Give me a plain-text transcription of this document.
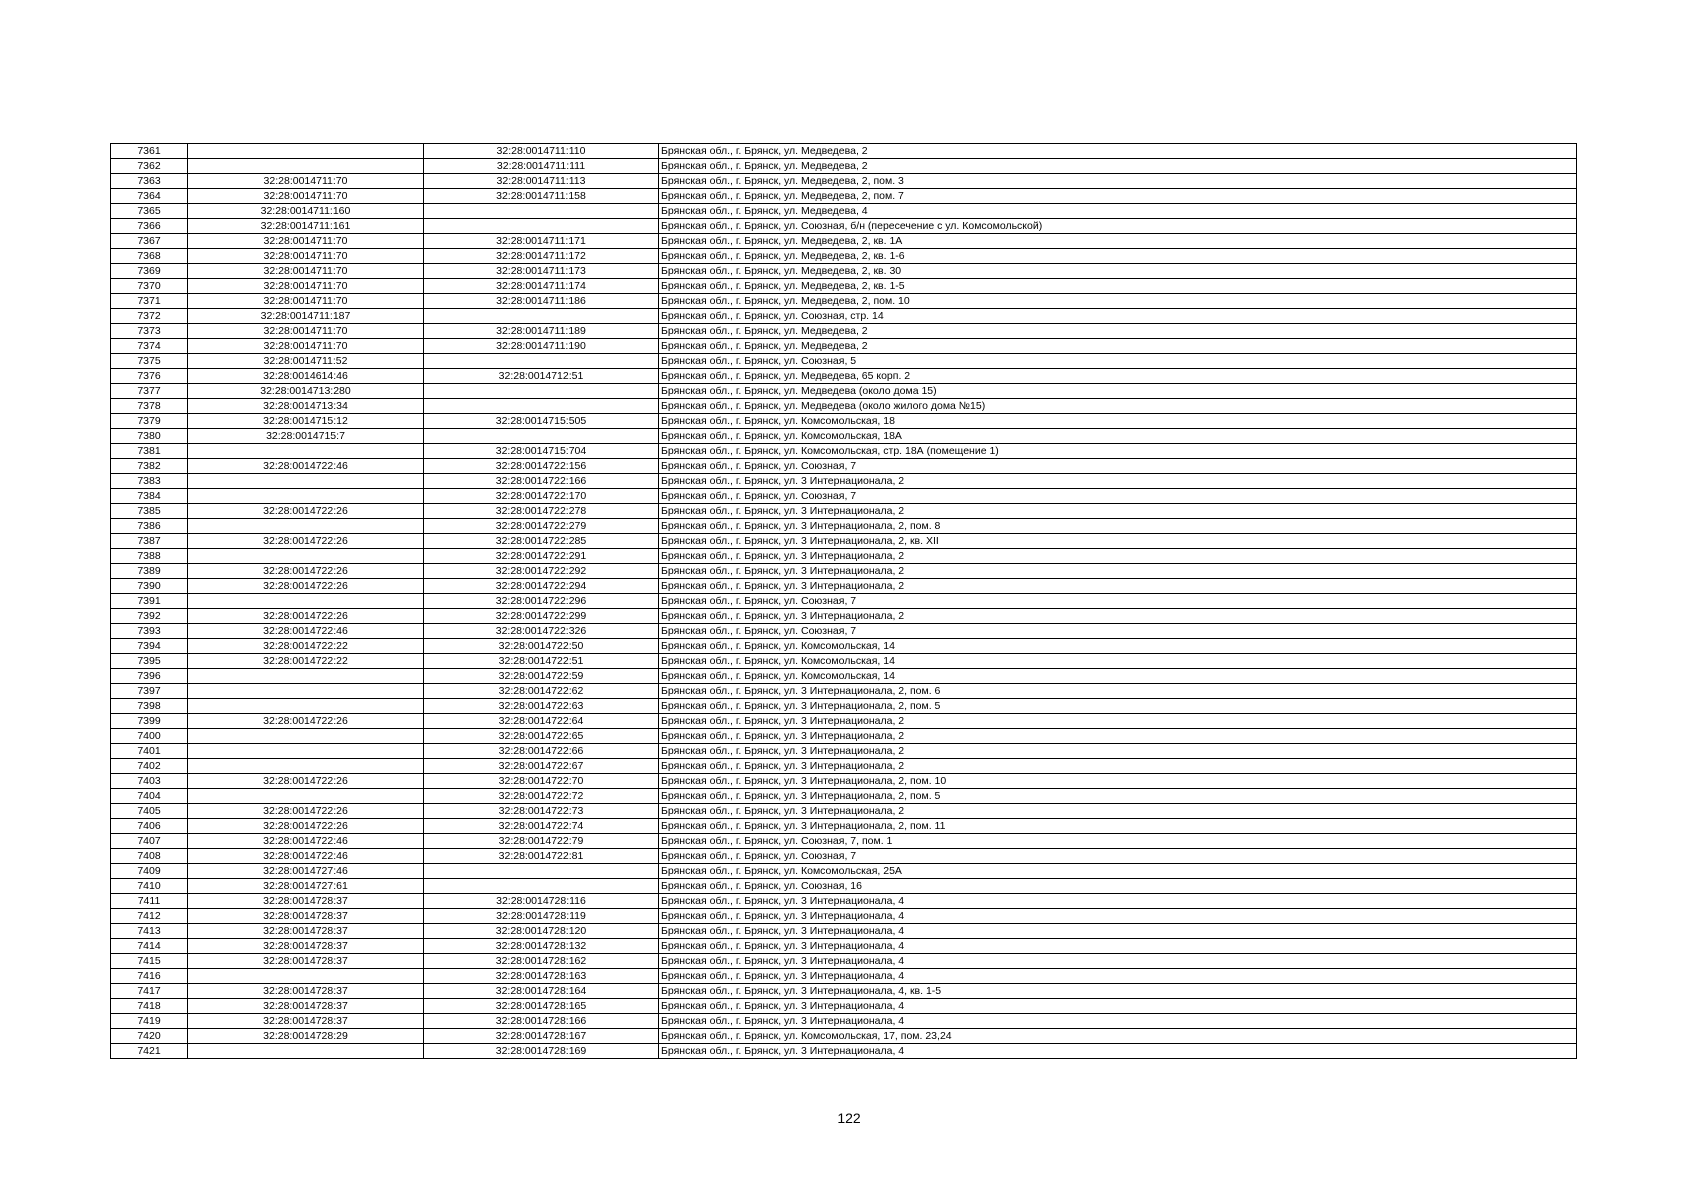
7361		32:28:0014711:110	Брянская обл., г. Брянск, ул. Медведева, 2
7362		32:28:0014711:111	Брянская обл., г. Брянск, ул. Медведева, 2
7363	32:28:0014711:70	32:28:0014711:113	Брянская обл., г. Брянск, ул. Медведева, 2, пом. 3
7364	32:28:0014711:70	32:28:0014711:158	Брянская обл., г. Брянск, ул. Медведева, 2, пом. 7
7365	32:28:0014711:160		Брянская обл., г. Брянск, ул. Медведева, 4
7366	32:28:0014711:161		Брянская обл., г. Брянск, ул. Союзная, б/н (пересечение с ул. Комсомольской)
7367	32:28:0014711:70	32:28:0014711:171	Брянская обл., г. Брянск, ул. Медведева, 2, кв. 1А
7368	32:28:0014711:70	32:28:0014711:172	Брянская обл., г. Брянск, ул. Медведева, 2, кв. 1-6
7369	32:28:0014711:70	32:28:0014711:173	Брянская обл., г. Брянск, ул. Медведева, 2, кв. 30
7370	32:28:0014711:70	32:28:0014711:174	Брянская обл., г. Брянск, ул. Медведева, 2, кв. 1-5
7371	32:28:0014711:70	32:28:0014711:186	Брянская обл., г. Брянск, ул. Медведева, 2, пом. 10
7372	32:28:0014711:187		Брянская обл., г. Брянск, ул. Союзная, стр. 14
7373	32:28:0014711:70	32:28:0014711:189	Брянская обл., г. Брянск, ул. Медведева, 2
7374	32:28:0014711:70	32:28:0014711:190	Брянская обл., г. Брянск, ул. Медведева, 2
7375	32:28:0014711:52		Брянская обл., г. Брянск, ул. Союзная, 5
7376	32:28:0014614:46	32:28:0014712:51	Брянская обл., г. Брянск, ул. Медведева, 65 корп. 2
7377	32:28:0014713:280		Брянская обл., г. Брянск, ул. Медведева (около дома 15)
7378	32:28:0014713:34		Брянская обл., г. Брянск, ул. Медведева (около жилого дома №15)
7379	32:28:0014715:12	32:28:0014715:505	Брянская обл., г. Брянск, ул. Комсомольская, 18
7380	32:28:0014715:7		Брянская обл., г. Брянск, ул. Комсомольская, 18А
7381		32:28:0014715:704	Брянская обл., г. Брянск, ул. Комсомольская, стр. 18А (помещение 1)
7382	32:28:0014722:46	32:28:0014722:156	Брянская обл., г. Брянск, ул. Союзная, 7
7383		32:28:0014722:166	Брянская обл., г. Брянск, ул. 3 Интернационала, 2
7384		32:28:0014722:170	Брянская обл., г. Брянск, ул. Союзная, 7
7385	32:28:0014722:26	32:28:0014722:278	Брянская обл., г. Брянск, ул. 3 Интернационала, 2
7386		32:28:0014722:279	Брянская обл., г. Брянск, ул. 3 Интернационала, 2, пом. 8
7387	32:28:0014722:26	32:28:0014722:285	Брянская обл., г. Брянск, ул. 3 Интернационала, 2, кв. XII
7388		32:28:0014722:291	Брянская обл., г. Брянск, ул. 3 Интернационала, 2
7389	32:28:0014722:26	32:28:0014722:292	Брянская обл., г. Брянск, ул. 3 Интернационала, 2
7390	32:28:0014722:26	32:28:0014722:294	Брянская обл., г. Брянск, ул. 3 Интернационала, 2
7391		32:28:0014722:296	Брянская обл., г. Брянск, ул. Союзная, 7
7392	32:28:0014722:26	32:28:0014722:299	Брянская обл., г. Брянск, ул. 3 Интернационала, 2
7393	32:28:0014722:46	32:28:0014722:326	Брянская обл., г. Брянск, ул. Союзная, 7
7394	32:28:0014722:22	32:28:0014722:50	Брянская обл., г. Брянск, ул. Комсомольская, 14
7395	32:28:0014722:22	32:28:0014722:51	Брянская обл., г. Брянск, ул. Комсомольская, 14
7396		32:28:0014722:59	Брянская обл., г. Брянск, ул. Комсомольская, 14
7397		32:28:0014722:62	Брянская обл., г. Брянск, ул. 3 Интернационала, 2, пом. 6
7398		32:28:0014722:63	Брянская обл., г. Брянск, ул. 3 Интернационала, 2, пом. 5
7399	32:28:0014722:26	32:28:0014722:64	Брянская обл., г. Брянск, ул. 3 Интернационала, 2
7400		32:28:0014722:65	Брянская обл., г. Брянск, ул. 3 Интернационала, 2
7401		32:28:0014722:66	Брянская обл., г. Брянск, ул. 3 Интернационала, 2
7402		32:28:0014722:67	Брянская обл., г. Брянск, ул. 3 Интернационала, 2
7403	32:28:0014722:26	32:28:0014722:70	Брянская обл., г. Брянск, ул. 3 Интернационала, 2, пом. 10
7404		32:28:0014722:72	Брянская обл., г. Брянск, ул. 3 Интернационала, 2, пом. 5
7405	32:28:0014722:26	32:28:0014722:73	Брянская обл., г. Брянск, ул. 3 Интернационала, 2
7406	32:28:0014722:26	32:28:0014722:74	Брянская обл., г. Брянск, ул. 3 Интернационала, 2, пом. 11
7407	32:28:0014722:46	32:28:0014722:79	Брянская обл., г. Брянск, ул. Союзная, 7, пом. 1
7408	32:28:0014722:46	32:28:0014722:81	Брянская обл., г. Брянск, ул. Союзная, 7
7409	32:28:0014727:46		Брянская обл., г. Брянск, ул. Комсомольская, 25А
7410	32:28:0014727:61		Брянская обл., г. Брянск, ул. Союзная, 16
7411	32:28:0014728:37	32:28:0014728:116	Брянская обл., г. Брянск, ул. 3 Интернационала, 4
7412	32:28:0014728:37	32:28:0014728:119	Брянская обл., г. Брянск, ул. 3 Интернационала, 4
7413	32:28:0014728:37	32:28:0014728:120	Брянская обл., г. Брянск, ул. 3 Интернационала, 4
7414	32:28:0014728:37	32:28:0014728:132	Брянская обл., г. Брянск, ул. 3 Интернационала, 4
7415	32:28:0014728:37	32:28:0014728:162	Брянская обл., г. Брянск, ул. 3 Интернационала, 4
7416		32:28:0014728:163	Брянская обл., г. Брянск, ул. 3 Интернационала, 4
7417	32:28:0014728:37	32:28:0014728:164	Брянская обл., г. Брянск, ул. 3 Интернационала, 4, кв. 1-5
7418	32:28:0014728:37	32:28:0014728:165	Брянская обл., г. Брянск, ул. 3 Интернационала, 4
7419	32:28:0014728:37	32:28:0014728:166	Брянская обл., г. Брянск, ул. 3 Интернационала, 4
7420	32:28:0014728:29	32:28:0014728:167	Брянская обл., г. Брянск, ул. Комсомольская, 17, пом. 23,24
7421		32:28:0014728:169	Брянская обл., г. Брянск, ул. 3 Интернационала, 4
122
